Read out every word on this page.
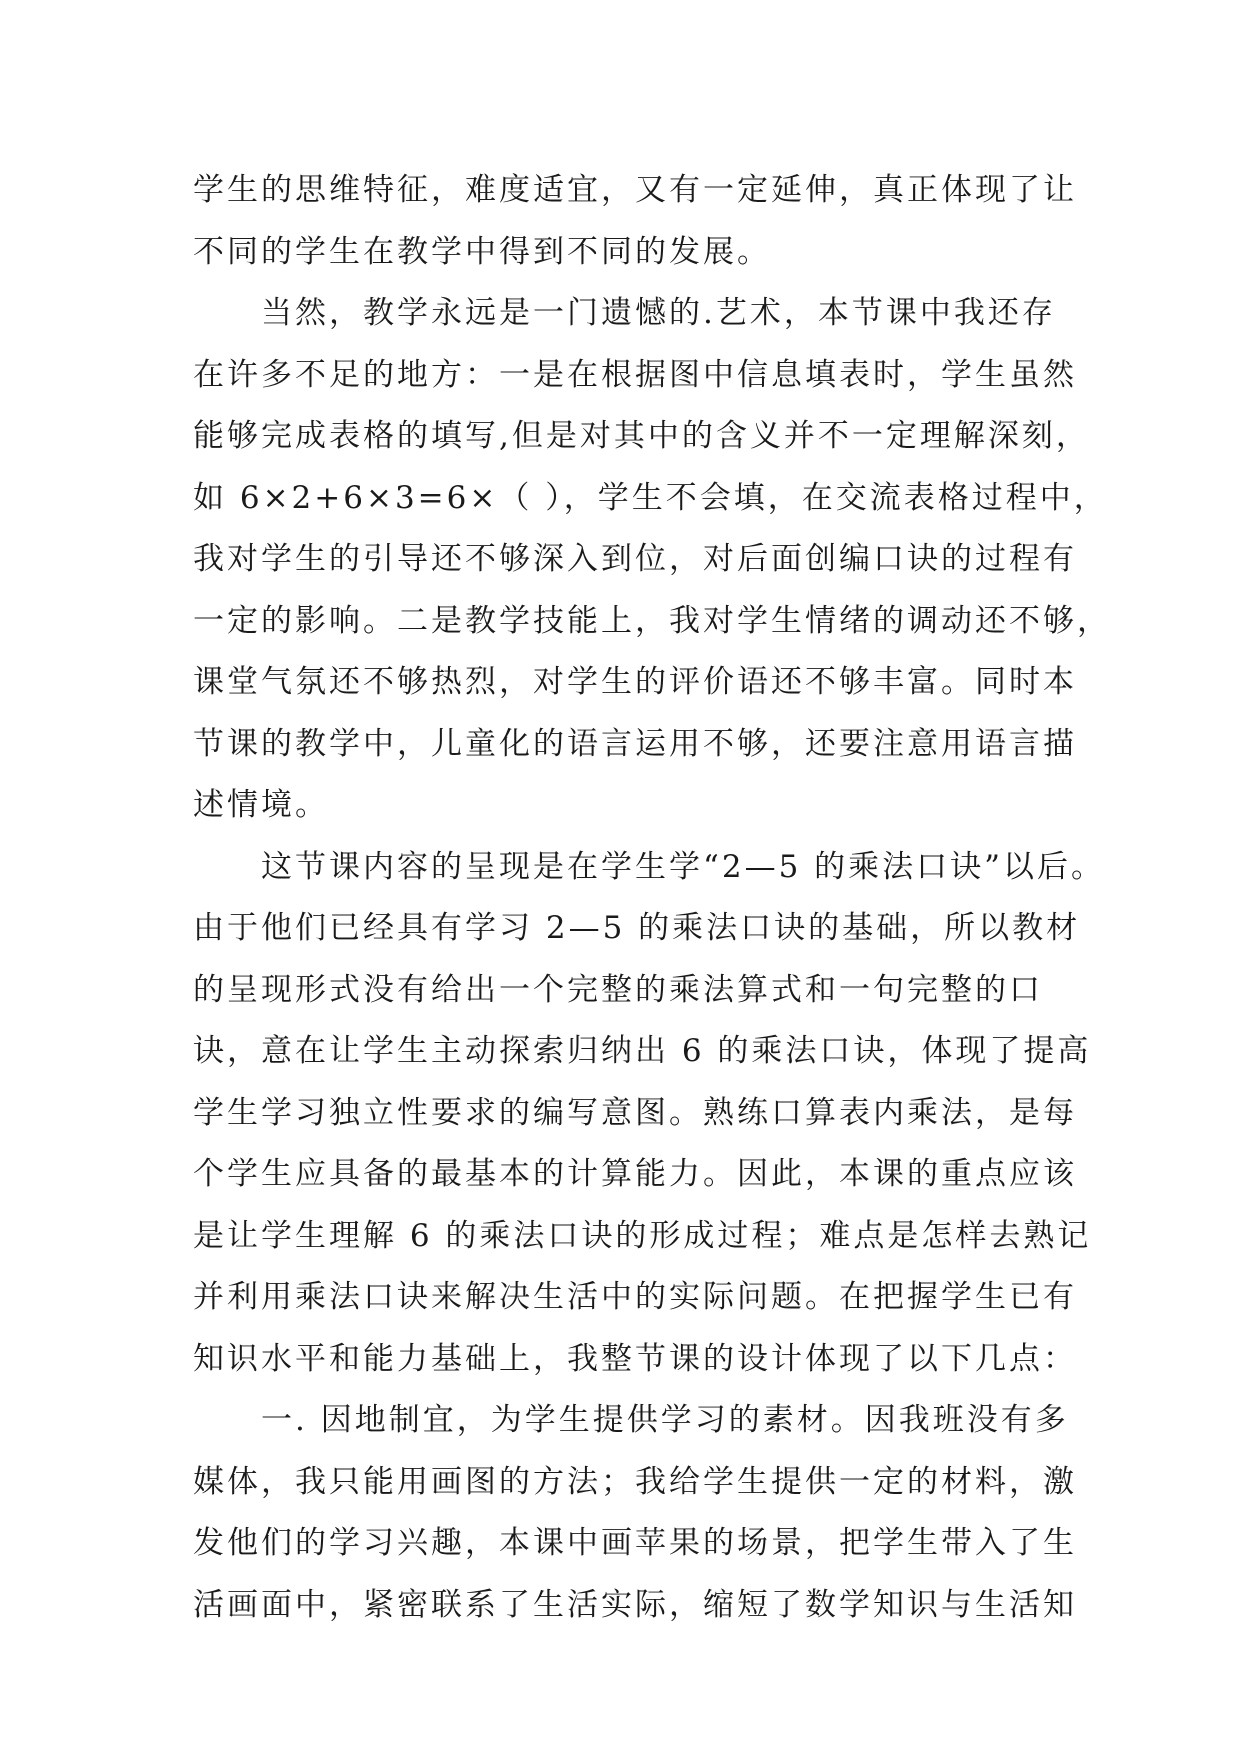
学生的思维特征，难度适宜，又有一定延伸，真正体现了让
不同的学生在教学中得到不同的发展。
当然，教学永远是一门遗憾的.艺术，本节课中我还存
在许多不足的地方：一是在根据图中信息填表时，学生虽然
能够完成表格的填写,但是对其中的含义并不一定理解深刻，
如 6×2+6×3=6×（ ），学生不会填，在交流表格过程中，
我对学生的引导还不够深入到位，对后面创编口诀的过程有
一定的影响。二是教学技能上，我对学生情绪的调动还不够，
课堂气氛还不够热烈，对学生的评价语还不够丰富。同时本
节课的教学中，儿童化的语言运用不够，还要注意用语言描
述情境。
这节课内容的呈现是在学生学“2—5 的乘法口诀”以后。
由于他们已经具有学习 2—5 的乘法口诀的基础，所以教材
的呈现形式没有给出一个完整的乘法算式和一句完整的口
诀，意在让学生主动探索归纳出 6 的乘法口诀，体现了提高
学生学习独立性要求的编写意图。熟练口算表内乘法，是每
个学生应具备的最基本的计算能力。因此，本课的重点应该
是让学生理解 6 的乘法口诀的形成过程；难点是怎样去熟记
并利用乘法口诀来解决生活中的实际问题。在把握学生已有
知识水平和能力基础上，我整节课的设计体现了以下几点：
一. 因地制宜，为学生提供学习的素材。因我班没有多
媒体，我只能用画图的方法；我给学生提供一定的材料，激
发他们的学习兴趣，本课中画苹果的场景，把学生带入了生
活画面中，紧密联系了生活实际，缩短了数学知识与生活知
